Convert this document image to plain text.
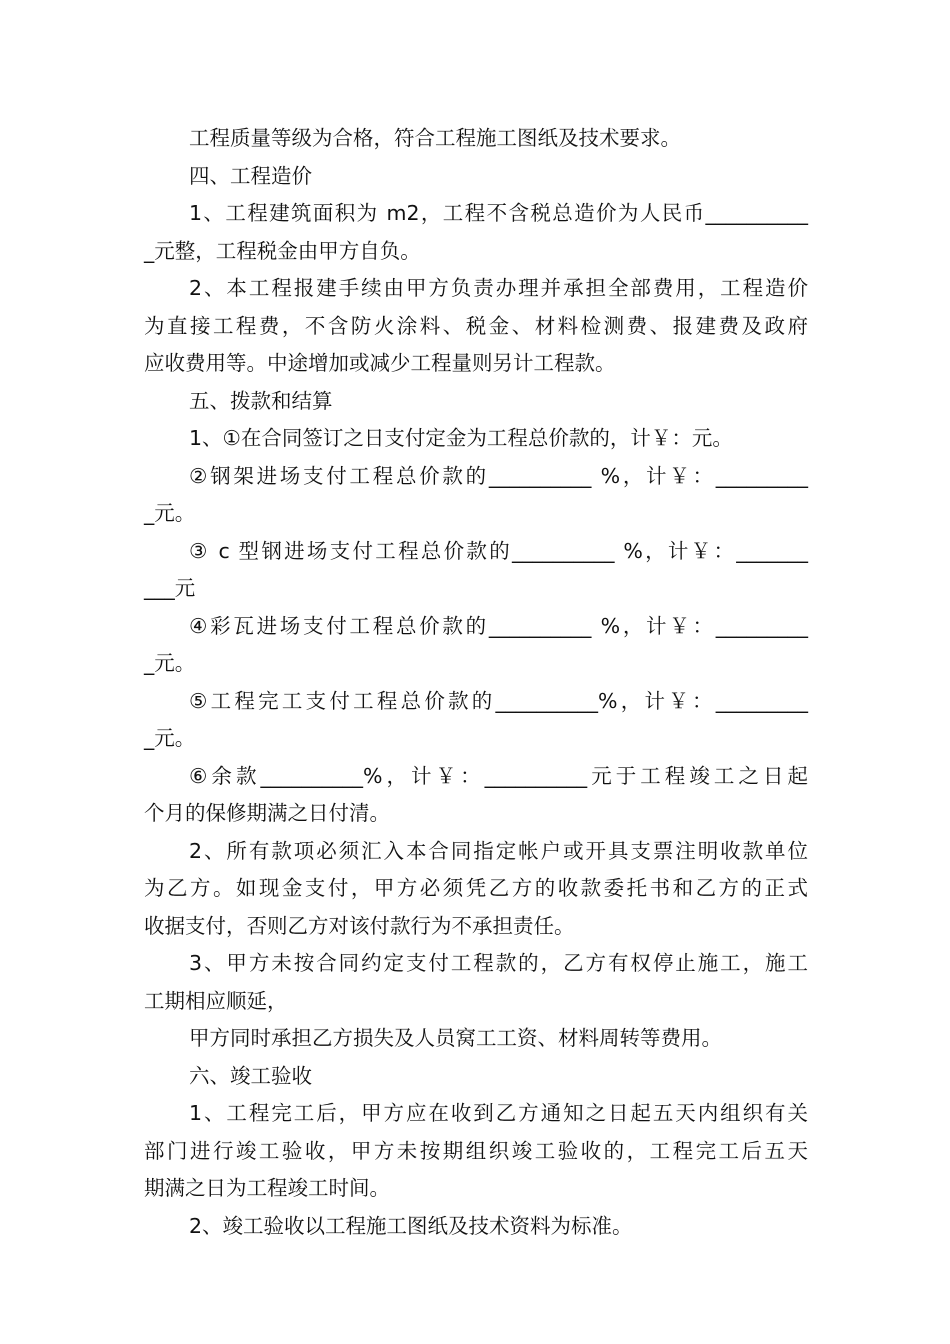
工程质量等级为合格，符合工程施工图纸及技术要求。
四、工程造价
1、工程建筑面积为 m2，工程不含税总造价为人民币__________
_元整，工程税金由甲方自负。
2、本工程报建手续由甲方负责办理并承担全部费用，工程造价
为直接工程费，不含防火涂料、税金、材料检测费、报建费及政府
应收费用等。中途增加或减少工程量则另计工程款。
五、拨款和结算
1、①在合同签订之日支付定金为工程总价款的，计￥：元。
②钢架进场支付工程总价款的__________ %，计￥：_________
_元。
③ c 型钢进场支付工程总价款的__________ %，计￥：_______
___元
④彩瓦进场支付工程总价款的__________ %，计￥：_________
_元。
⑤工程完工支付工程总价款的__________%，计￥：_________
_元。
⑥余款__________%，计￥：__________元于工程竣工之日起
个月的保修期满之日付清。
2、所有款项必须汇入本合同指定帐户或开具支票注明收款单位
为乙方。如现金支付，甲方必须凭乙方的收款委托书和乙方的正式
收据支付，否则乙方对该付款行为不承担责任。
3、甲方未按合同约定支付工程款的，乙方有权停止施工，施工
工期相应顺延，
甲方同时承担乙方损失及人员窝工工资、材料周转等费用。
六、竣工验收
1、工程完工后，甲方应在收到乙方通知之日起五天内组织有关
部门进行竣工验收，甲方未按期组织竣工验收的，工程完工后五天
期满之日为工程竣工时间。
2、竣工验收以工程施工图纸及技术资料为标准。
